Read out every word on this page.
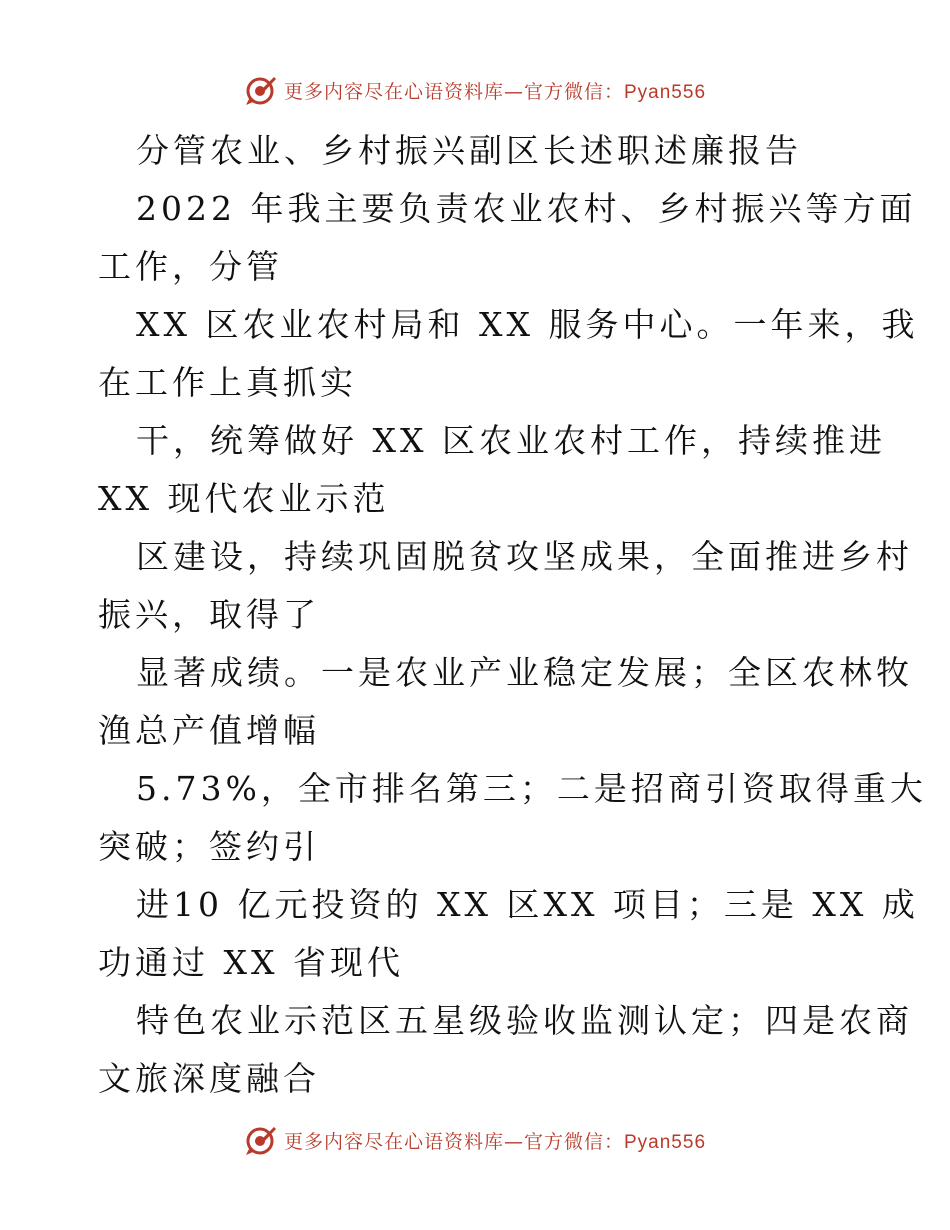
更多内容尽在心语资料库—官方微信：Pyan556
分管农业、乡村振兴副区长述职述廉报告
2022 年我主要负责农业农村、乡村振兴等方面
工作，分管
XX 区农业农村局和 XX 服务中心。一年来，我
在工作上真抓实
干，统筹做好 XX 区农业农村工作，持续推进
XX 现代农业示范
区建设，持续巩固脱贫攻坚成果，全面推进乡村
振兴，取得了
显著成绩。一是农业产业稳定发展；全区农林牧
渔总产值增幅
5.73%，全市排名第三；二是招商引资取得重大
突破；签约引
进10 亿元投资的 XX 区XX 项目；三是 XX 成
功通过 XX 省现代
特色农业示范区五星级验收监测认定；四是农商
文旅深度融合
更多内容尽在心语资料库—官方微信：Pyan556
